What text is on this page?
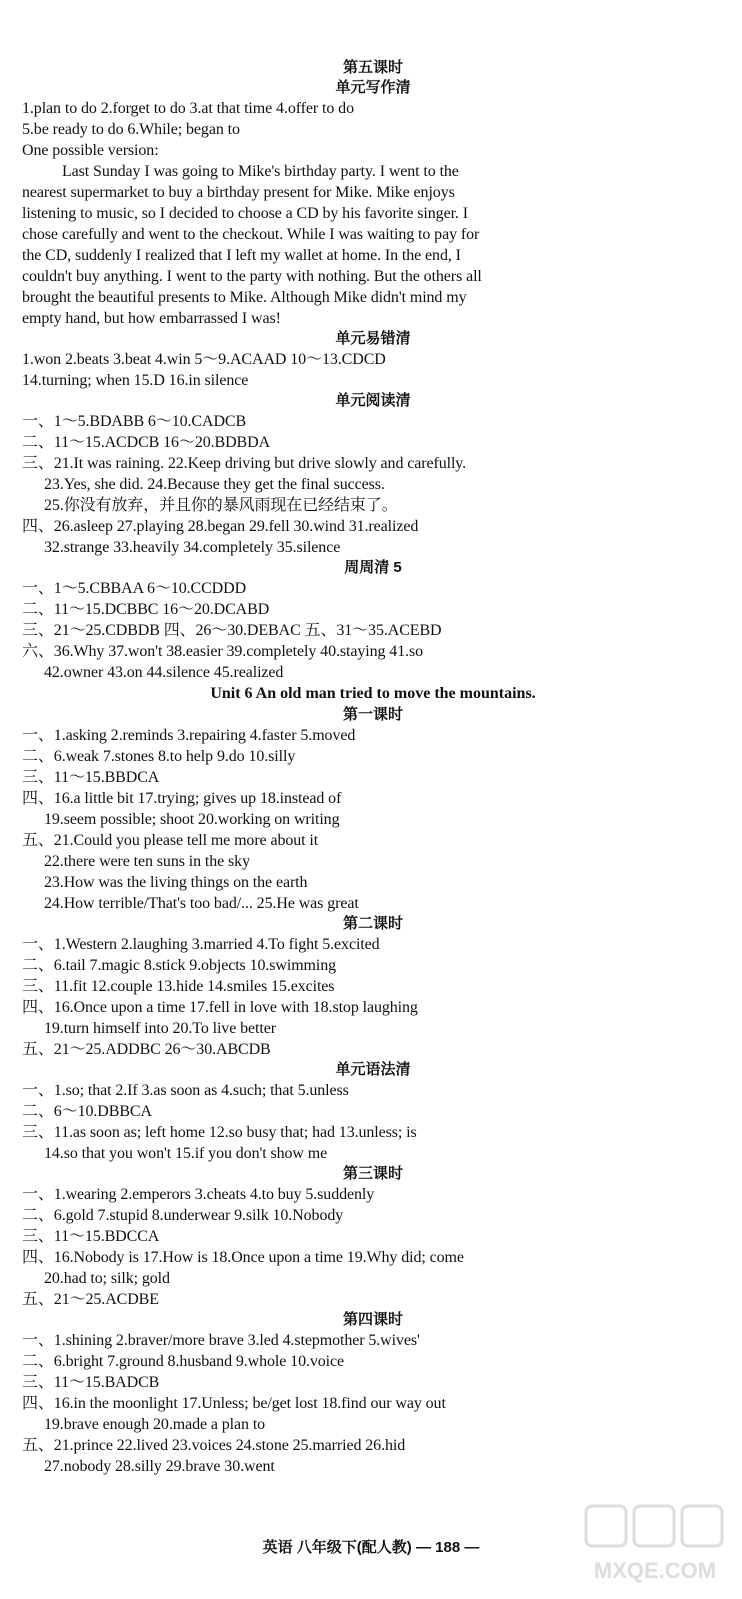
第五课时
单元写作清
1.plan to do 2.forget to do 3.at that time 4.offer to do
5.be ready to do 6.While; began to
One possible version:
Last Sunday I was going to Mike's birthday party. I went to the
nearest supermarket to buy a birthday present for Mike. Mike enjoys
listening to music, so I decided to choose a CD by his favorite singer. I
chose carefully and went to the checkout. While I was waiting to pay for
the CD, suddenly I realized that I left my wallet at home. In the end, I
couldn't buy anything. I went to the party with nothing. But the others all
brought the beautiful presents to Mike. Although Mike didn't mind my
empty hand, but how embarrassed I was!
单元易错清
1.won 2.beats 3.beat 4.win 5～9.ACAAD 10～13.CDCD
14.turning; when 15.D 16.in silence
单元阅读清
一、1～5.BDABB 6～10.CADCB
二、11～15.ACDCB 16～20.BDBDA
三、21.It was raining. 22.Keep driving but drive slowly and carefully.
23.Yes, she did. 24.Because they get the final success.
25.你没有放弃，并且你的暴风雨现在已经结束了。
四、26.asleep 27.playing 28.began 29.fell 30.wind 31.realized
32.strange 33.heavily 34.completely 35.silence
周周清 5
一、1～5.CBBAA 6～10.CCDDD
二、11～15.DCBBC 16～20.DCABD
三、21～25.CDBDB 四、26～30.DEBAC 五、31～35.ACEBD
六、36.Why 37.won't 38.easier 39.completely 40.staying 41.so
42.owner 43.on 44.silence 45.realized
Unit 6 An old man tried to move the mountains.
第一课时
一、1.asking 2.reminds 3.repairing 4.faster 5.moved
二、6.weak 7.stones 8.to help 9.do 10.silly
三、11～15.BBDCA
四、16.a little bit 17.trying; gives up 18.instead of
19.seem possible; shoot 20.working on writing
五、21.Could you please tell me more about it
22.there were ten suns in the sky
23.How was the living things on the earth
24.How terrible/That's too bad/... 25.He was great
第二课时
一、1.Western 2.laughing 3.married 4.To fight 5.excited
二、6.tail 7.magic 8.stick 9.objects 10.swimming
三、11.fit 12.couple 13.hide 14.smiles 15.excites
四、16.Once upon a time 17.fell in love with 18.stop laughing
19.turn himself into 20.To live better
五、21～25.ADDBC 26～30.ABCDB
单元语法清
一、1.so; that 2.If 3.as soon as 4.such; that 5.unless
二、6～10.DBBCA
三、11.as soon as; left home 12.so busy that; had 13.unless; is
14.so that you won't 15.if you don't show me
第三课时
一、1.wearing 2.emperors 3.cheats 4.to buy 5.suddenly
二、6.gold 7.stupid 8.underwear 9.silk 10.Nobody
三、11～15.BDCCA
四、16.Nobody is 17.How is 18.Once upon a time 19.Why did; come
20.had to; silk; gold
五、21～25.ACDBE
第四课时
一、1.shining 2.braver/more brave 3.led 4.stepmother 5.wives'
二、6.bright 7.ground 8.husband 9.whole 10.voice
三、11～15.BADCB
四、16.in the moonlight 17.Unless; be/get lost 18.find our way out
19.brave enough 20.made a plan to
五、21.prince 22.lived 23.voices 24.stone 25.married 26.hid
27.nobody 28.silly 29.brave 30.went
英语 八年级下(配人教) — 188 —
MXQE.COM
